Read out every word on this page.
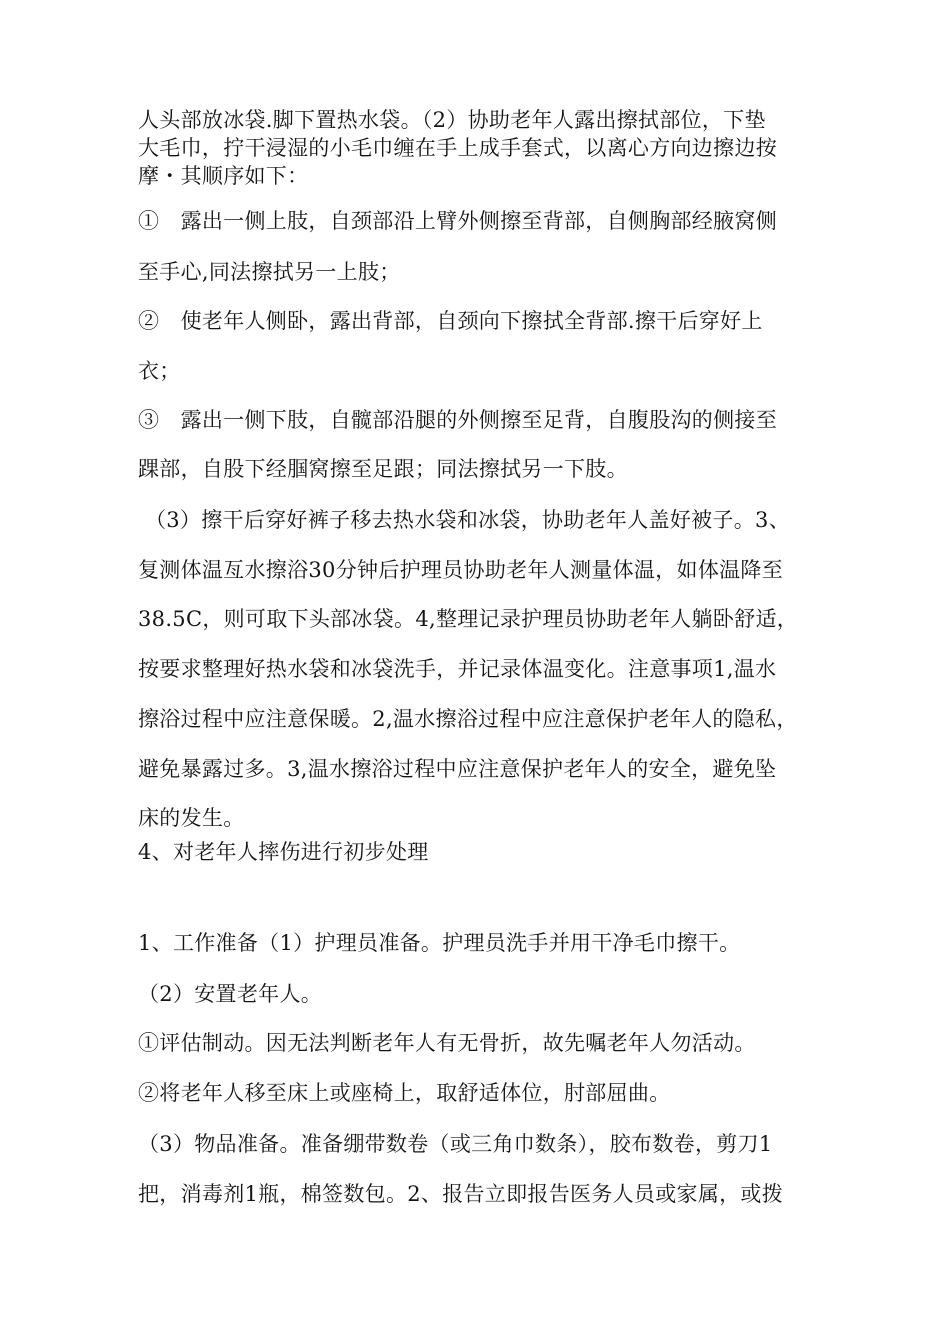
人头部放冰袋.脚下置热水袋。（2）协助老年人露出擦拭部位，下垫
大毛巾，拧干浸湿的小毛巾缠在手上成手套式，以离心方向边擦边按
摩・其顺序如下：
①　露出一侧上肢，自颈部沿上臂外侧擦至背部，自侧胸部经腋窝侧
至手心,同法擦拭另一上肢；
②　使老年人侧卧，露出背部，自颈向下擦拭全背部.擦干后穿好上
衣；
③　露出一侧下肢，自髋部沿腿的外侧擦至足背，自腹股沟的侧接至
踝部，自股下经腘窝擦至足跟；同法擦拭另一下肢。
（3）擦干后穿好裤子移去热水袋和冰袋，协助老年人盖好被子。3、
复测体温亙水擦浴30分钟后护理员协助老年人测量体温，如体温降至
38.5C，则可取下头部冰袋。4,整理记录护理员协助老年人躺卧舒适，
按要求整理好热水袋和冰袋洗手，并记录体温变化。注意事项1,温水
擦浴过程中应注意保暖。2,温水擦浴过程中应注意保护老年人的隐私，
避免暴露过多。3,温水擦浴过程中应注意保护老年人的安全，避免坠
床的发生。
4、对老年人摔伤进行初步处理
1、工作准备（1）护理员准备。护理员洗手并用干净毛巾擦干。
（2）安置老年人。
①评估制动。因无法判断老年人有无骨折，故先嘱老年人勿活动。
②将老年人移至床上或座椅上，取舒适体位，肘部屈曲。
（3）物品准备。准备绷带数卷（或三角巾数条），胶布数卷，剪刀1
把，消毒剂1瓶，棉签数包。2、报告立即报告医务人员或家属，或拨
